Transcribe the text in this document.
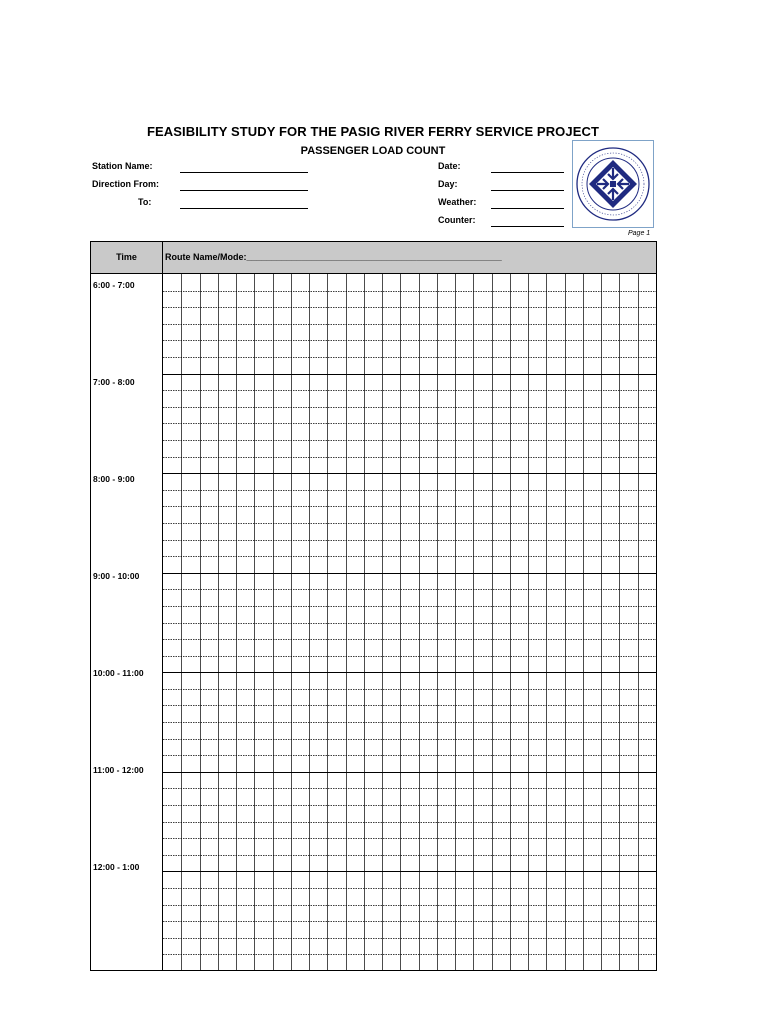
FEASIBILITY STUDY FOR THE PASIG RIVER FERRY SERVICE PROJECT
PASSENGER LOAD COUNT
Station Name:
Direction From:
To:
Date:
Day:
Weather:
Counter:
Page 1
Time	Route Name/Mode:___________________________________________________
6:00 - 7:00
7:00 - 8:00
8:00 - 9:00
9:00 - 10:00
10:00 - 11:00
11:00 - 12:00
12:00 - 1:00
